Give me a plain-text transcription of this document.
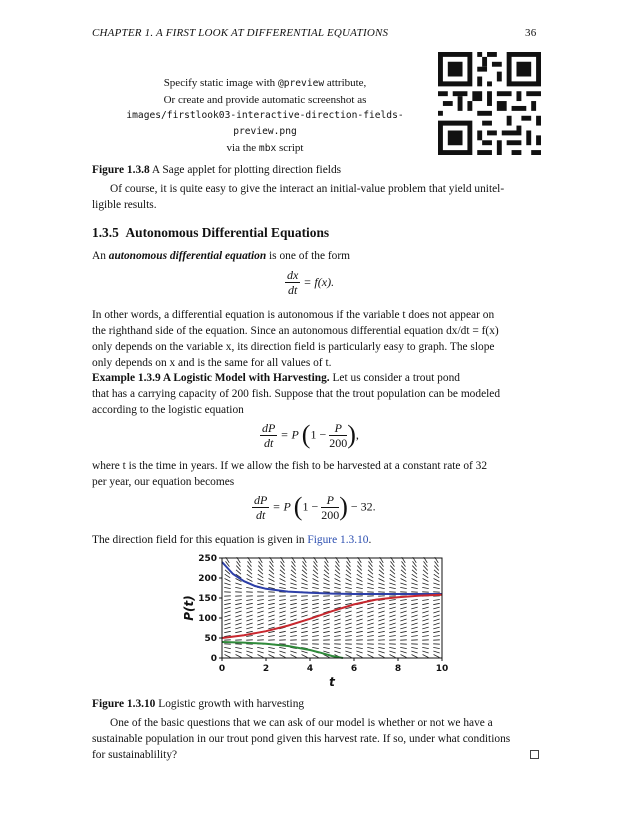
CHAPTER 1. A FIRST LOOK AT DIFFERENTIAL EQUATIONS	36
Specify static image with @preview attribute,
Or create and provide automatic screenshot as
images/firstlook03-interactive-direction-fields-preview.png
via the mbx script
Figure 1.3.8 A Sage applet for plotting direction fields
Of course, it is quite easy to give the interact an initial-value problem that yield unitel-
ligible results.
1.3.5 Autonomous Differential Equations
An autonomous differential equation is one of the form
$\frac{dx}{dt} = f(x)$.
In other words, a differential equation is autonomous if the variable t does not appear on
the righthand side of the equation. Since an autonomous differential equation dx/dt = f(x)
only depends on the variable x, its direction field is particularly easy to graph. The slope
only depends on x and is the same for all values of t.
Example 1.3.9 A Logistic Model with Harvesting. Let us consider a trout pond
that has a carrying capacity of 200 fish. Suppose that the trout population can be modeled
according to the logistic equation
$\frac{dP}{dt} = P$ ($1 - \frac{P}{200}$ ),
where t is the time in years. If we allow the fish to be harvested at a constant rate of 32
per year, our equation becomes
$\frac{dP}{dt} = P$ ($1 - \frac{P}{200}$ ) − 32.
The direction field for this equation is given in Figure 1.3.10.
0	2	4	6	8	10
0
50
100
150
200
250
t
P(t)
Figure 1.3.10 Logistic growth with harvesting
One of the basic questions that we can ask of our model is whether or not we have a
sustainable population in our trout pond given this harvest rate. If so, under what conditions
for sustainablility?
